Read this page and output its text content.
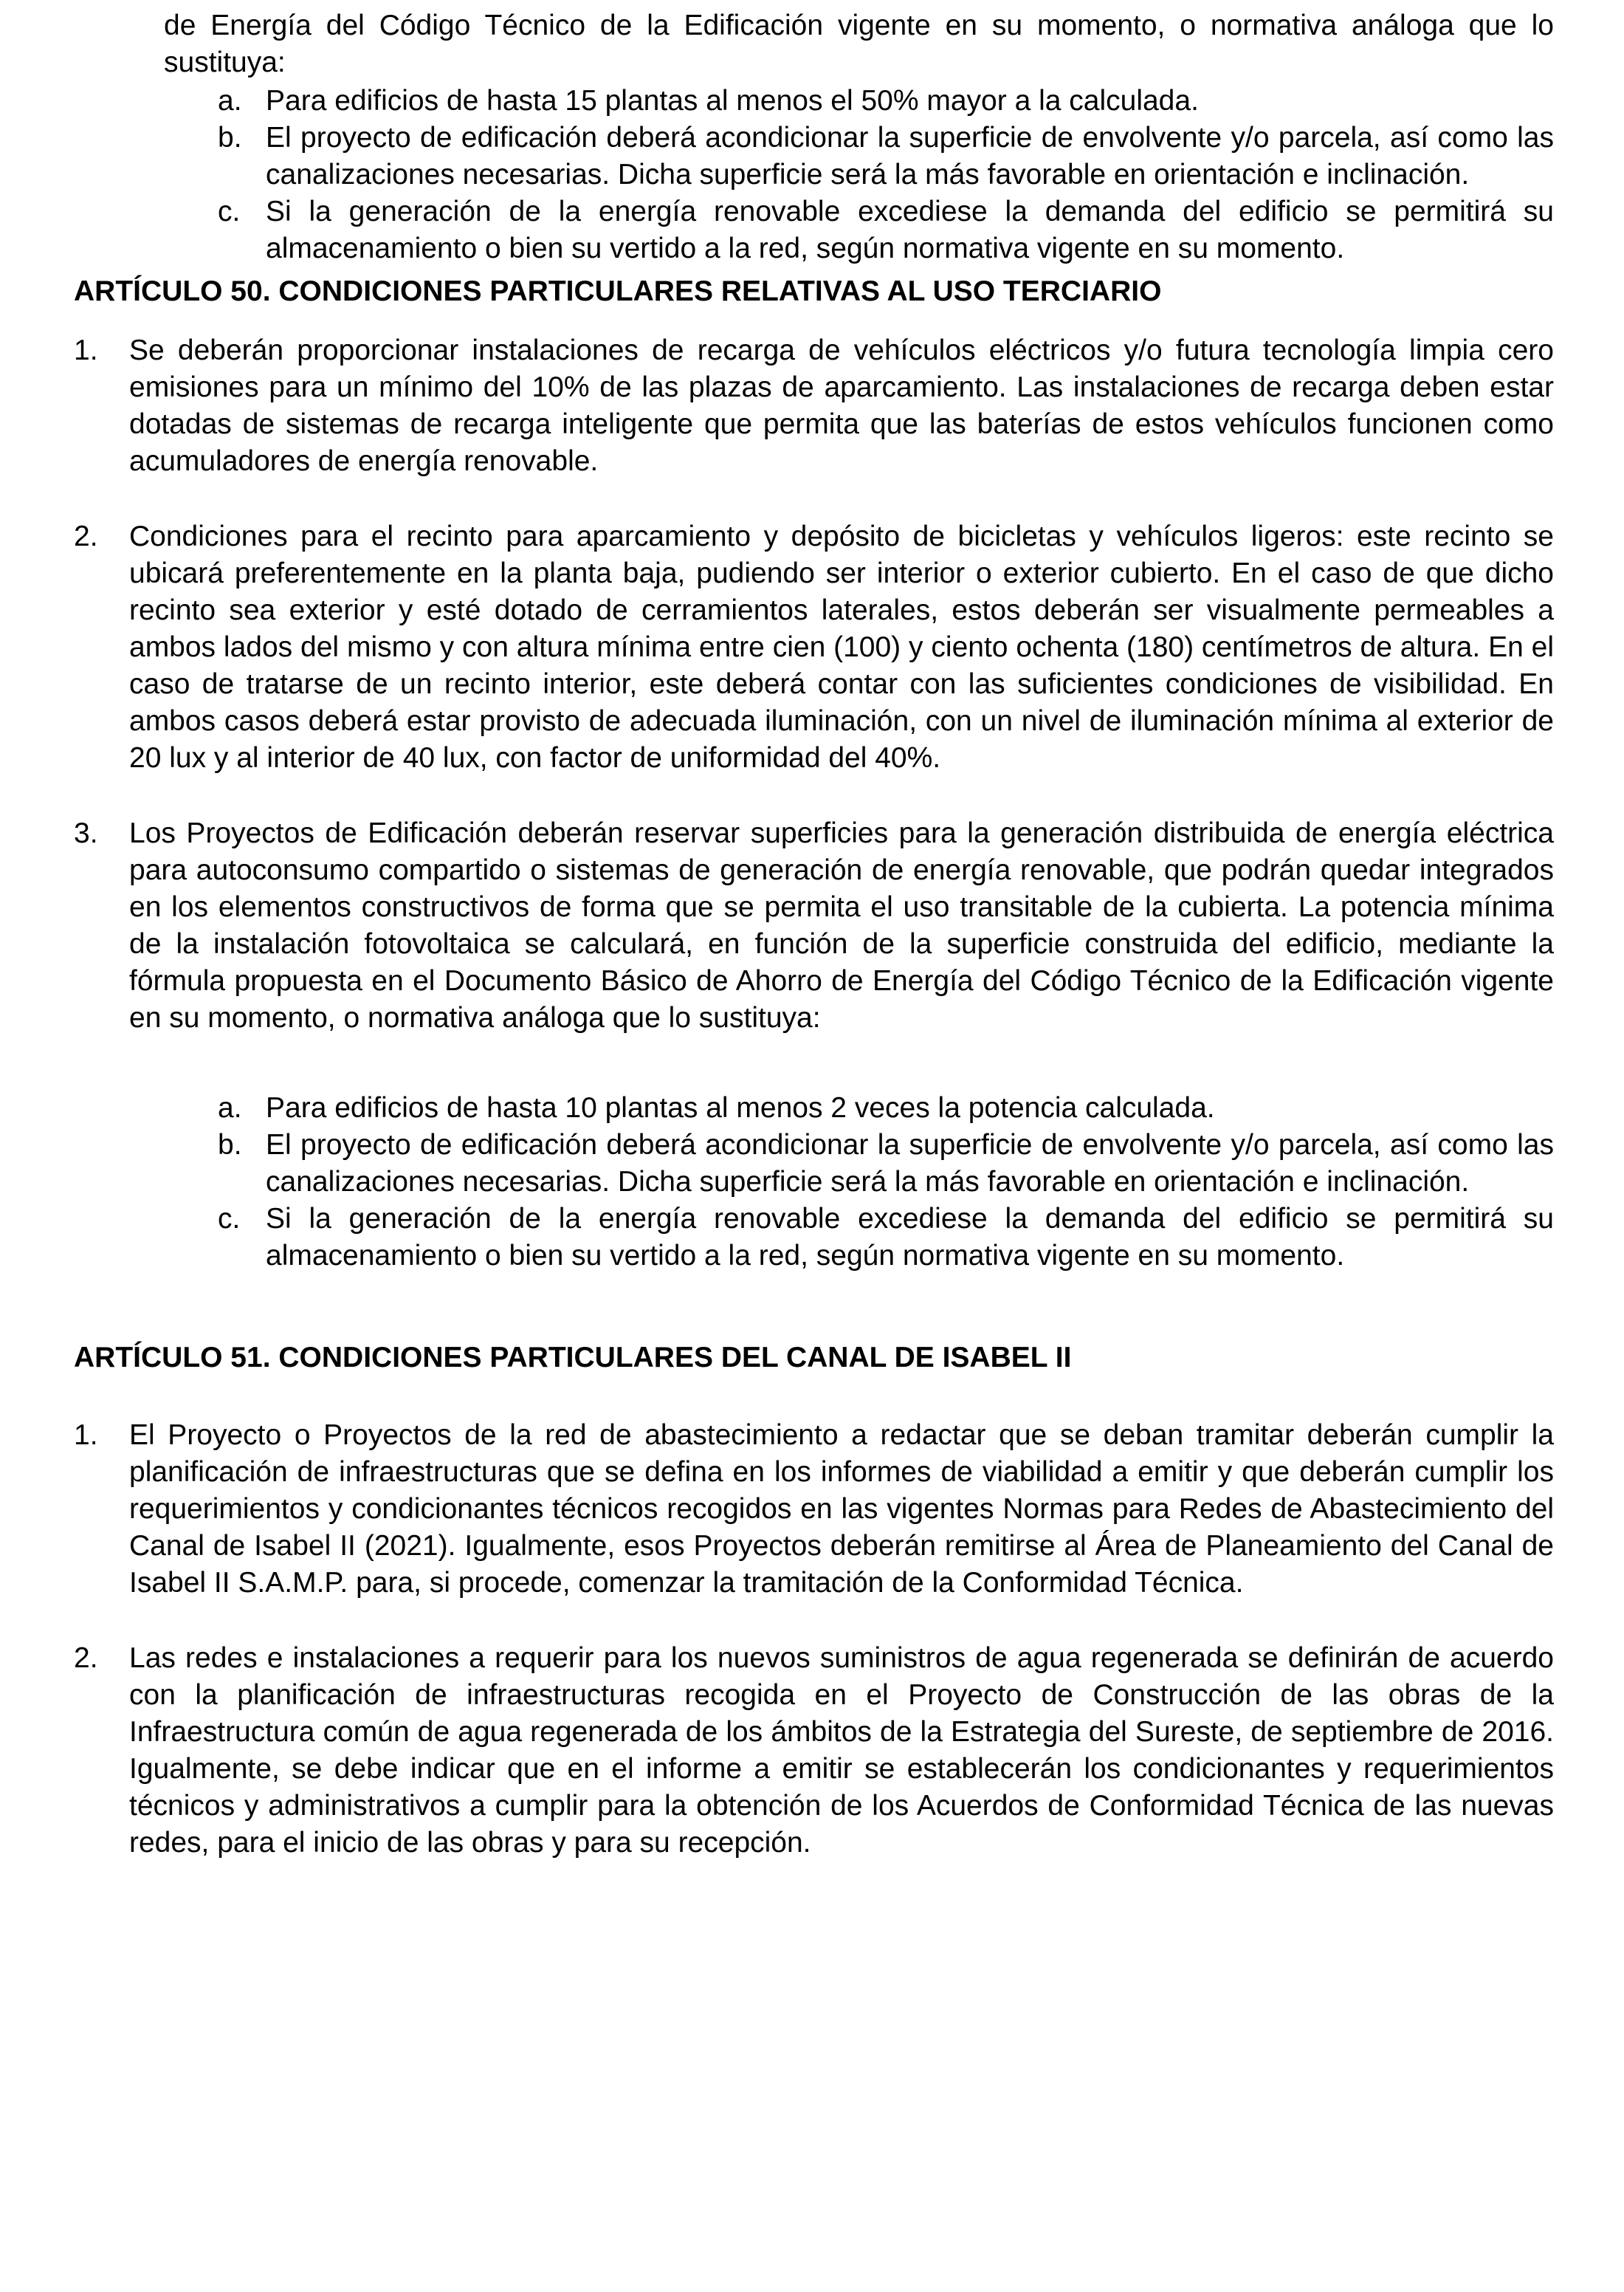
de Energía del Código Técnico de la Edificación vigente en su momento, o normativa análoga que lo sustituya:

a. Para edificios de hasta 15 plantas al menos el 50% mayor a la calculada.
b. El proyecto de edificación deberá acondicionar la superficie de envolvente y/o parcela, así como las canalizaciones necesarias. Dicha superficie será la más favorable en orientación e inclinación.
c. Si la generación de la energía renovable excediese la demanda del edificio se permitirá su almacenamiento o bien su vertido a la red, según normativa vigente en su momento.
ARTÍCULO 50. CONDICIONES PARTICULARES RELATIVAS AL USO TERCIARIO
1.	Se deberán proporcionar instalaciones de recarga de vehículos eléctricos y/o futura tecnología limpia cero emisiones para un mínimo del 10% de las plazas de aparcamiento. Las instalaciones de recarga deben estar dotadas de sistemas de recarga inteligente que permita que las baterías de estos vehículos funcionen como acumuladores de energía renovable.
2.	Condiciones para el recinto para aparcamiento y depósito de bicicletas y vehículos ligeros: este recinto se ubicará preferentemente en la planta baja, pudiendo ser interior o exterior cubierto. En el caso de que dicho recinto sea exterior y esté dotado de cerramientos laterales, estos deberán ser visualmente permeables a ambos lados del mismo y con altura mínima entre cien (100) y ciento ochenta (180) centímetros de altura. En el caso de tratarse de un recinto interior, este deberá contar con las suficientes condiciones de visibilidad. En ambos casos deberá estar provisto de adecuada iluminación, con un nivel de iluminación mínima al exterior de 20 lux y al interior de 40 lux, con factor de uniformidad del 40%.
3.	Los Proyectos de Edificación deberán reservar superficies para la generación distribuida de energía eléctrica para autoconsumo compartido o sistemas de generación de energía renovable, que podrán quedar integrados en los elementos constructivos de forma que se permita el uso transitable de la cubierta. La potencia mínima de la instalación fotovoltaica se calculará, en función de la superficie construida del edificio, mediante la fórmula propuesta en el Documento Básico de Ahorro de Energía del Código Técnico de la Edificación vigente en su momento, o normativa análoga que lo sustituya:
a. Para edificios de hasta 10 plantas al menos 2 veces la potencia calculada.
b. El proyecto de edificación deberá acondicionar la superficie de envolvente y/o parcela, así como las canalizaciones necesarias. Dicha superficie será la más favorable en orientación e inclinación.
c. Si la generación de la energía renovable excediese la demanda del edificio se permitirá su almacenamiento o bien su vertido a la red, según normativa vigente en su momento.
ARTÍCULO 51. CONDICIONES PARTICULARES DEL CANAL DE ISABEL II
1.	El Proyecto o Proyectos de la red de abastecimiento a redactar que se deban tramitar deberán cumplir la planificación de infraestructuras que se defina en los informes de viabilidad a emitir y que deberán cumplir los requerimientos y condicionantes técnicos recogidos en las vigentes Normas para Redes de Abastecimiento del Canal de Isabel II (2021). Igualmente, esos Proyectos deberán remitirse al Área de Planeamiento del Canal de Isabel II S.A.M.P. para, si procede, comenzar la tramitación de la Conformidad Técnica.
2.	Las redes e instalaciones a requerir para los nuevos suministros de agua regenerada se definirán de acuerdo con la planificación de infraestructuras recogida en el Proyecto de Construcción de las obras de la Infraestructura común de agua regenerada de los ámbitos de la Estrategia del Sureste, de septiembre de 2016. Igualmente, se debe indicar que en el informe a emitir se establecerán los condicionantes y requerimientos técnicos y administrativos a cumplir para la obtención de los Acuerdos de Conformidad Técnica de las nuevas redes, para el inicio de las obras y para su recepción.
